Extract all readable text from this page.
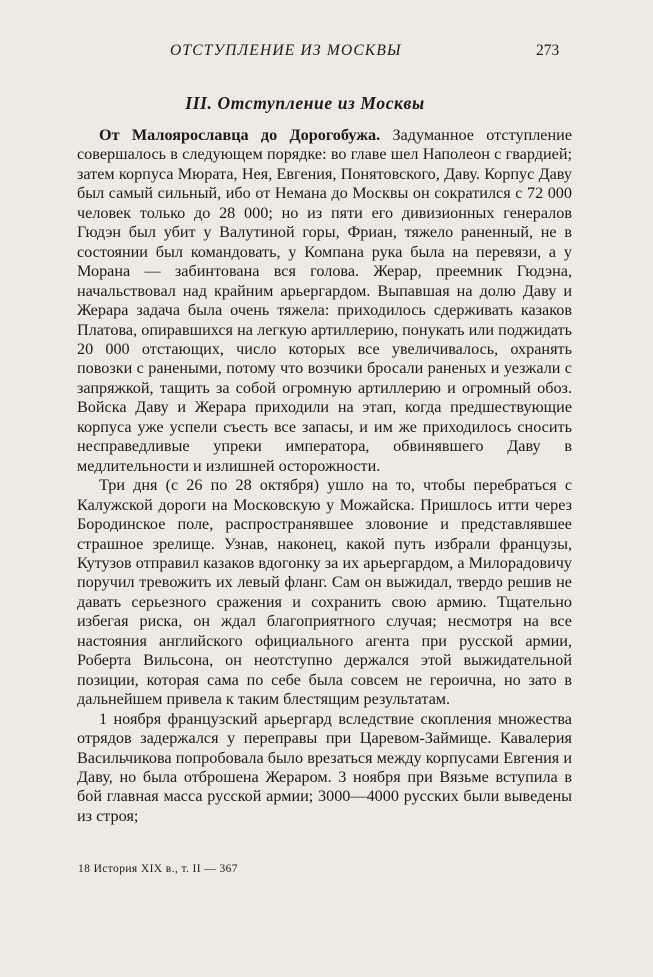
ОТСТУПЛЕНИЕ ИЗ МОСКВЫ	273
III. Отступление из Москвы

От Малоярославца до Дорогобужа. Задуманное отступление совершалось в следующем порядке: во главе шел Наполеон с гвардией; затем корпуса Мюрата, Нея, Евгения, Понятовского, Даву. Корпус Даву был самый сильный, ибо от Немана до Москвы он сократился с 72 000 человек только до 28 000; но из пяти его дивизионных генералов Гюдэн был убит у Валутиной горы, Фриан, тяжело раненный, не в состоянии был командовать, у Компана рука была на перевязи, а у Морана — забинтована вся голова. Жерар, преемник Гюдэна, начальствовал над крайним арьергардом. Выпавшая на долю Даву и Жерара задача была очень тяжела: приходилось сдерживать казаков Платова, опиравшихся на легкую артиллерию, понукать или поджидать 20 000 отстающих, число которых все увеличивалось, охранять повозки с ранеными, потому что возчики бросали раненых и уезжали с запряжкой, тащить за собой огромную артиллерию и огромный обоз. Войска Даву и Жерара приходили на этап, когда предшествующие корпуса уже успели съесть все запасы, и им же приходилось сносить несправедливые упреки императора, обвинявшего Даву в медлительности и излишней осторожности.

Три дня (с 26 по 28 октября) ушло на то, чтобы перебраться с Калужской дороги на Московскую у Можайска. Пришлось итти через Бородинское поле, распространявшее зловоние и представлявшее страшное зрелище. Узнав, наконец, какой путь избрали французы, Кутузов отправил казаков вдогонку за их арьергардом, а Милорадовичу поручил тревожить их левый фланг. Сам он выжидал, твердо решив не давать серьезного сражения и сохранить свою армию. Тщательно избегая риска, он ждал благоприятного случая; несмотря на все настояния английского официального агента при русской армии, Роберта Вильсона, он неотступно держался этой выжидательной позиции, которая сама по себе была совсем не героична, но зато в дальнейшем привела к таким блестящим результатам.

1 ноября французский арьергард вследствие скопления множества отрядов задержался у переправы при Царевом-Займище. Кавалерия Васильчикова попробовала было врезаться между корпусами Евгения и Даву, но была отброшена Жераром. 3 ноября при Вязьме вступила в бой главная масса русской армии; 3000—4000 русских были выведены из строя;

18 История XIX в., т. II — 367
